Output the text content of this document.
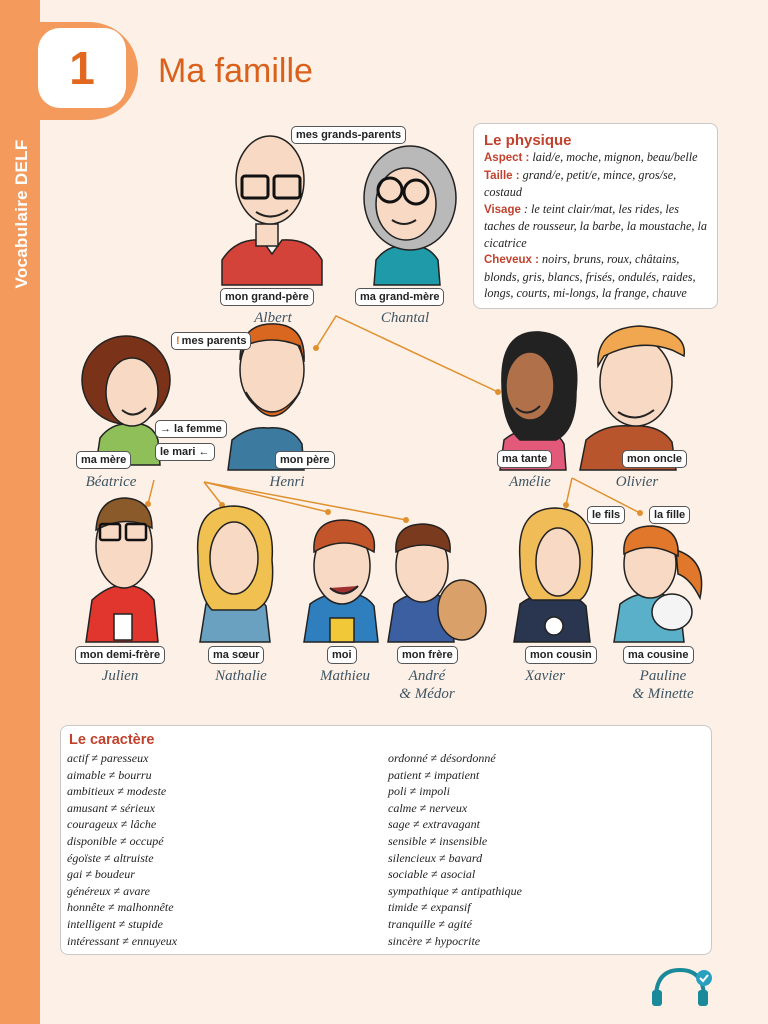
Vocabulaire DELF
1	Ma famille
Le physique

Aspect : laid/e, moche, mignon, beau/belle

Taille : grand/e, petit/e, mince, gros/se, costaud

Visage : le teint clair/mat, les rides, les taches de rousseur, la barbe, la moustache, la cicatrice

Cheveux : noirs, bruns, roux, châtains, blonds, gris, blancs, frisés, ondulés, raides, longs, courts, mi-longs, la frange, chauve

mes grands-parents
! mes parents
→ la femme
le mari ←
le fils	la fille
mon grand-père	ma grand-mère
ma mère	mon père	ma tante	mon oncle
mon demi-frère	ma sœur	moi	mon frère	mon cousin	ma cousine
Albert	Chantal
Béatrice	Henri	Amélie	Olivier
Julien	Nathalie	Mathieu	André
& Médor
Xavier	Pauline
& Minette
Le caractère
actif ≠ paresseux
aimable ≠ bourru
ambitieux ≠ modeste
amusant ≠ sérieux
courageux ≠ lâche
disponible ≠ occupé
égoïste ≠ altruiste
gai ≠ boudeur
généreux ≠ avare
honnête ≠ malhonnête
intelligent ≠ stupide
intéressant ≠ ennuyeux
ordonné ≠ désordonné
patient ≠ impatient
poli ≠ impoli
calme ≠ nerveux
sage ≠ extravagant
sensible ≠ insensible
silencieux ≠ bavard
sociable ≠ asocial
sympathique ≠ antipathique
timide ≠ expansif
tranquille ≠ agité
sincère ≠ hypocrite
